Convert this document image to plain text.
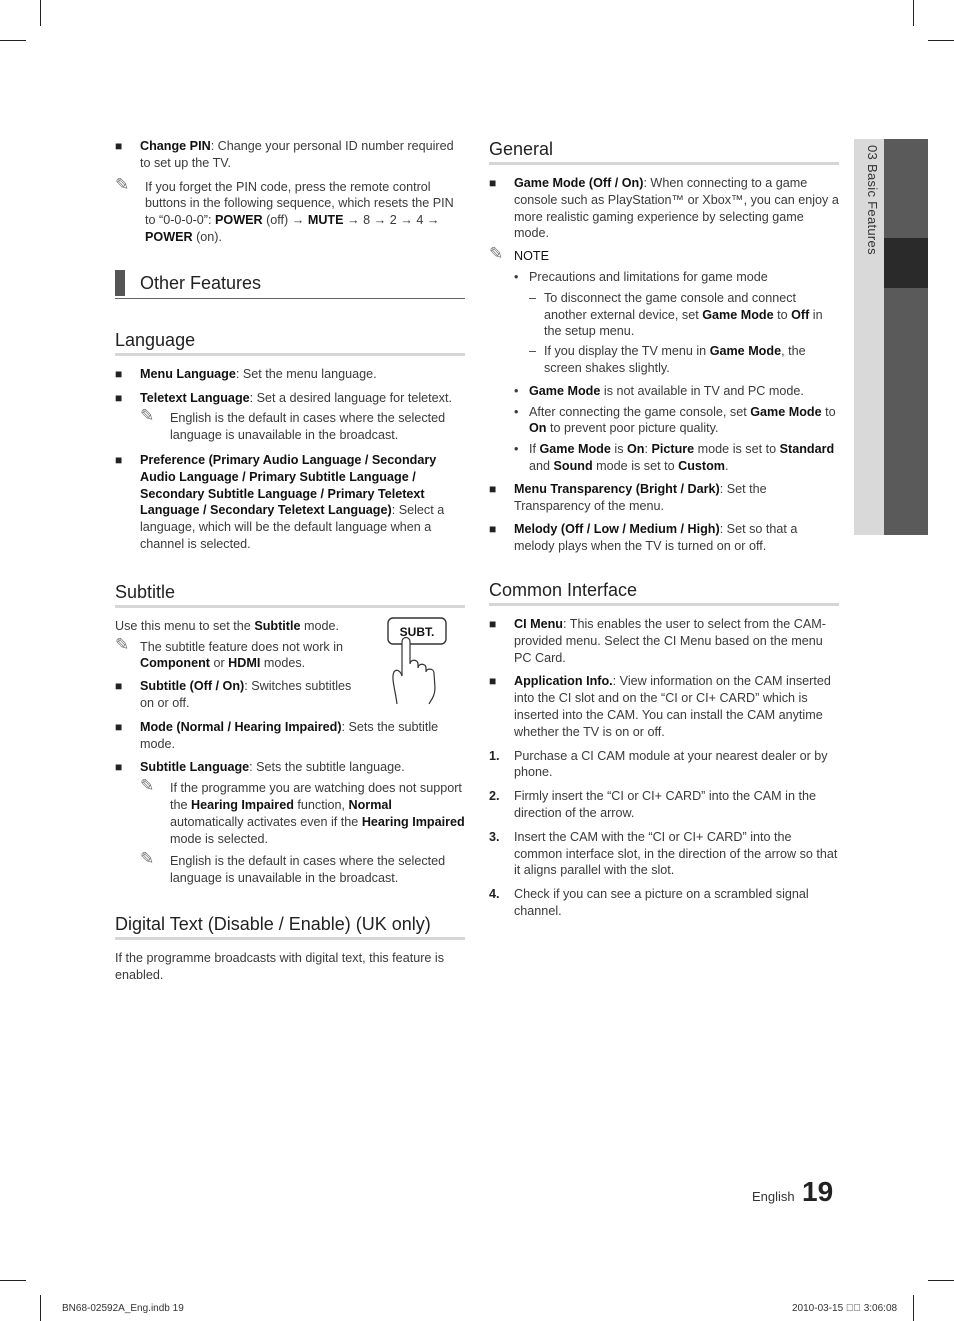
03 Basic Features
■ Change PIN: Change your personal ID number required to set up the TV.
✎ If you forget the PIN code, press the remote control buttons in the following sequence, which resets the PIN to “0-0-0-0”: POWER (off) → MUTE → 8 → 2 → 4 → POWER (on).
Other Features
Language
■ Menu Language: Set the menu language.
■ Teletext Language: Set a desired language for teletext.
✎ English is the default in cases where the selected language is unavailable in the broadcast.
■ Preference (Primary Audio Language / Secondary Audio Language / Primary Subtitle Language / Secondary Subtitle Language / Primary Teletext Language / Secondary Teletext Language): Select a language, which will be the default language when a channel is selected.
Subtitle
Use this menu to set the Subtitle mode.
✎ The subtitle feature does not work in Component or HDMI modes.
■ Subtitle (Off / On): Switches subtitles on or off.
SUBT.
■ Mode (Normal / Hearing Impaired): Sets the subtitle mode.
■ Subtitle Language: Sets the subtitle language.
✎ If the programme you are watching does not support the Hearing Impaired function, Normal automatically activates even if the Hearing Impaired mode is selected.
✎ English is the default in cases where the selected language is unavailable in the broadcast.
Digital Text (Disable / Enable) (UK only)
If the programme broadcasts with digital text, this feature is enabled.
General
■ Game Mode (Off / On): When connecting to a game console such as PlayStation™ or Xbox™, you can enjoy a more realistic gaming experience by selecting game mode.
✎ NOTE
• Precautions and limitations for game mode
– To disconnect the game console and connect another external device, set Game Mode to Off in the setup menu.
– If you display the TV menu in Game Mode, the screen shakes slightly.
• Game Mode is not available in TV and PC mode.
• After connecting the game console, set Game Mode to On to prevent poor picture quality.
• If Game Mode is On: Picture mode is set to Standard and Sound mode is set to Custom.
■ Menu Transparency (Bright / Dark): Set the Transparency of the menu.
■ Melody (Off / Low / Medium / High): Set so that a melody plays when the TV is turned on or off.
Common Interface
■ CI Menu: This enables the user to select from the CAM-provided menu. Select the CI Menu based on the menu PC Card.
■ Application Info.: View information on the CAM inserted into the CI slot and on the “CI or CI+ CARD” which is inserted into the CAM. You can install the CAM anytime whether the TV is on or off.
1. Purchase a CI CAM module at your nearest dealer or by phone.
2. Firmly insert the “CI or CI+ CARD” into the CAM in the direction of the arrow.
3. Insert the CAM with the “CI or CI+ CARD” into the common interface slot, in the direction of the arrow so that it aligns parallel with the slot.
4. Check if you can see a picture on a scrambled signal channel.
English 19
BN68-02592A_Eng.indb 19	2010-03-15 ￿￿ 3:06:08
